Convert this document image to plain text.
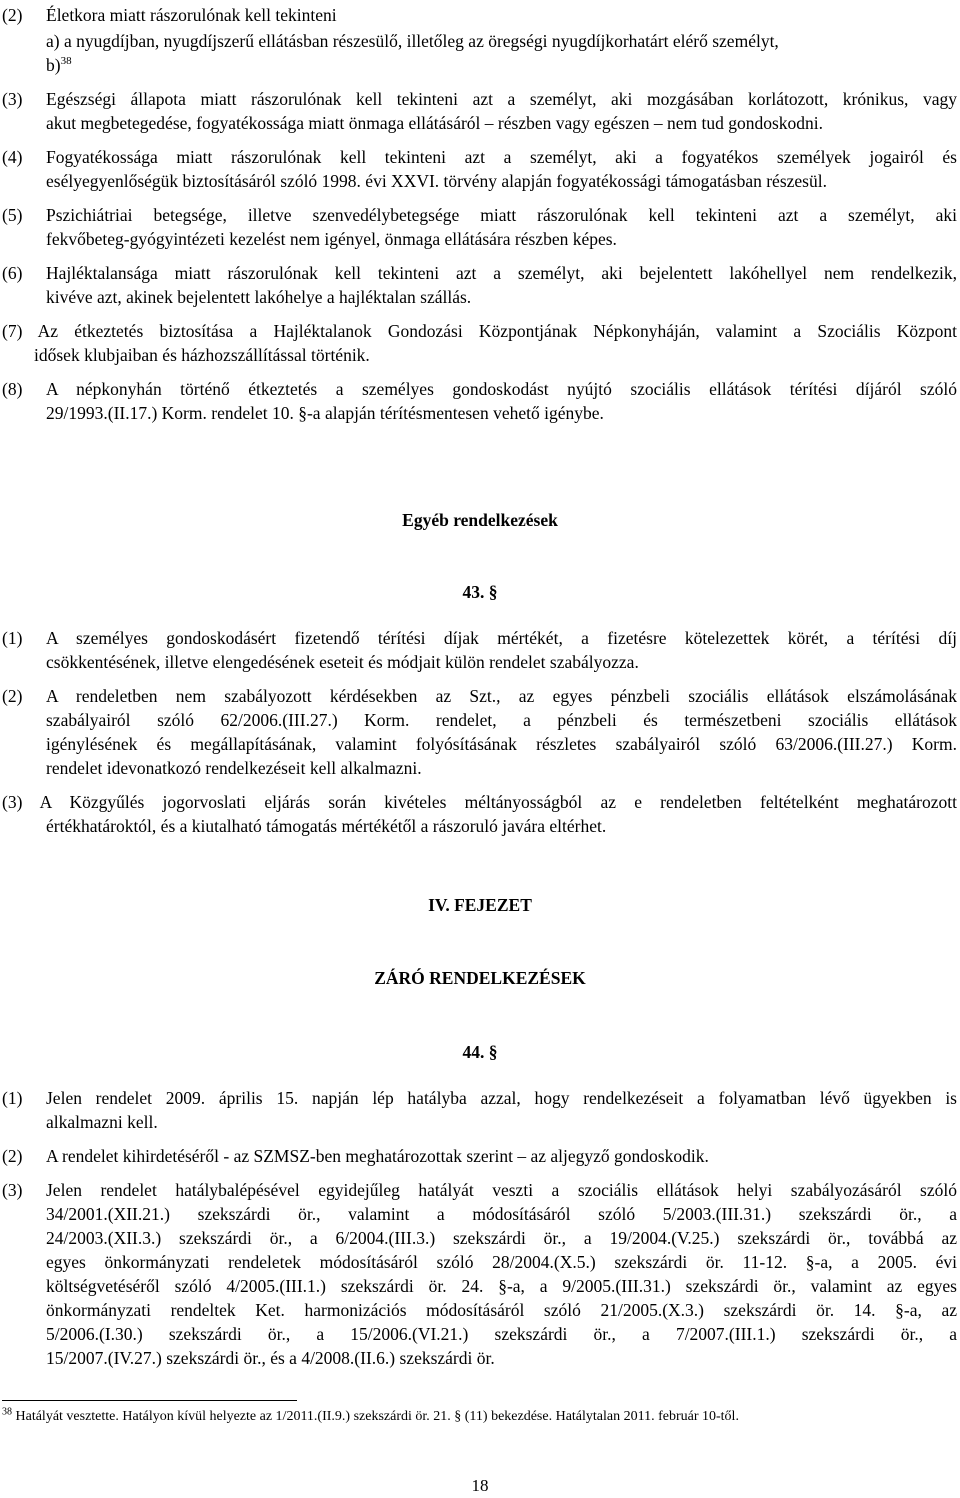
(2) Életkora miatt rászorulónak kell tekinteni
a) a nyugdíjban, nyugdíjszerű ellátásban részesülő, illetőleg az öregségi nyugdíjkorhatárt elérő személyt,
b)$^{38}$
(3) Egészségi állapota miatt rászorulónak kell tekinteni azt a személyt, aki mozgásában korlátozott, krónikus, vagy
akut megbetegedése, fogyatékossága miatt önmaga ellátásáról – részben vagy egészen – nem tud gondoskodni.
(4) Fogyatékossága miatt rászorulónak kell tekinteni azt a személyt, aki a fogyatékos személyek jogairól és
esélyegyenlőségük biztosításáról szóló 1998. évi XXVI. törvény alapján fogyatékossági támogatásban részesül.
(5) Pszichiátriai betegsége, illetve szenvedélybetegsége miatt rászorulónak kell tekinteni azt a személyt, aki
fekvőbeteg-gyógyintézeti kezelést nem igényel, önmaga ellátására részben képes.
(6) Hajléktalansága miatt rászorulónak kell tekinteni azt a személyt, aki bejelentett lakóhellyel nem rendelkezik,
kivéve azt, akinek bejelentett lakóhelye a hajléktalan szállás.
(7) Az étkeztetés biztosítása a Hajléktalanok Gondozási Központjának Népkonyháján, valamint a Szociális Központ
idősek klubjaiban és házhozszállítással történik.
(8) A népkonyhán történő étkeztetés a személyes gondoskodást nyújtó szociális ellátások térítési díjáról szóló
29/1993.(II.17.) Korm. rendelet 10. §-a alapján térítésmentesen vehető igénybe.
Egyéb rendelkezések
43. §
(1) A személyes gondoskodásért fizetendő térítési díjak mértékét, a fizetésre kötelezettek körét, a térítési díj
csökkentésének, illetve elengedésének eseteit és módjait külön rendelet szabályozza.
(2) A rendeletben nem szabályozott kérdésekben az Szt., az egyes pénzbeli szociális ellátások elszámolásának
szabályairól szóló 62/2006.(III.27.) Korm. rendelet, a pénzbeli és természetbeni szociális ellátások
igénylésének és megállapításának, valamint folyósításának részletes szabályairól szóló 63/2006.(III.27.) Korm.
rendelet idevonatkozó rendelkezéseit kell alkalmazni.
(3) A Közgyűlés jogorvoslati eljárás során kivételes méltányosságból az e rendeletben feltételként meghatározott
értékhatároktól, és a kiutalható támogatás mértékétől a rászoruló javára eltérhet.
IV. FEJEZET
ZÁRÓ RENDELKEZÉSEK
44. §
(1) Jelen rendelet 2009. április 15. napján lép hatályba azzal, hogy rendelkezéseit a folyamatban lévő ügyekben is
alkalmazni kell.
(2) A rendelet kihirdetéséről - az SZMSZ-ben meghatározottak szerint – az aljegyző gondoskodik.
(3) Jelen rendelet hatálybalépésével egyidejűleg hatályát veszti a szociális ellátások helyi szabályozásáról szóló
34/2001.(XII.21.) szekszárdi ör., valamint a módosításáról szóló 5/2003.(III.31.) szekszárdi ör., a
24/2003.(XII.3.) szekszárdi ör., a 6/2004.(III.3.) szekszárdi ör., a 19/2004.(V.25.) szekszárdi ör., továbbá az
egyes önkormányzati rendeletek módosításáról szóló 28/2004.(X.5.) szekszárdi ör. 11-12. §-a, a 2005. évi
költségvetéséről szóló 4/2005.(III.1.) szekszárdi ör. 24. §-a, a 9/2005.(III.31.) szekszárdi ör., valamint az egyes
önkormányzati rendeltek Ket. harmonizációs módosításáról szóló 21/2005.(X.3.) szekszárdi ör. 14. §-a, az
5/2006.(I.30.) szekszárdi ör., a 15/2006.(VI.21.) szekszárdi ör., a 7/2007.(III.1.) szekszárdi ör., a
15/2007.(IV.27.) szekszárdi ör., és a 4/2008.(II.6.) szekszárdi ör.
$^{38}$ Hatályát vesztette. Hatályon kívül helyezte az 1/2011.(II.9.) szekszárdi ör. 21. § (11) bekezdése. Hatálytalan 2011. február 10-től.
18
